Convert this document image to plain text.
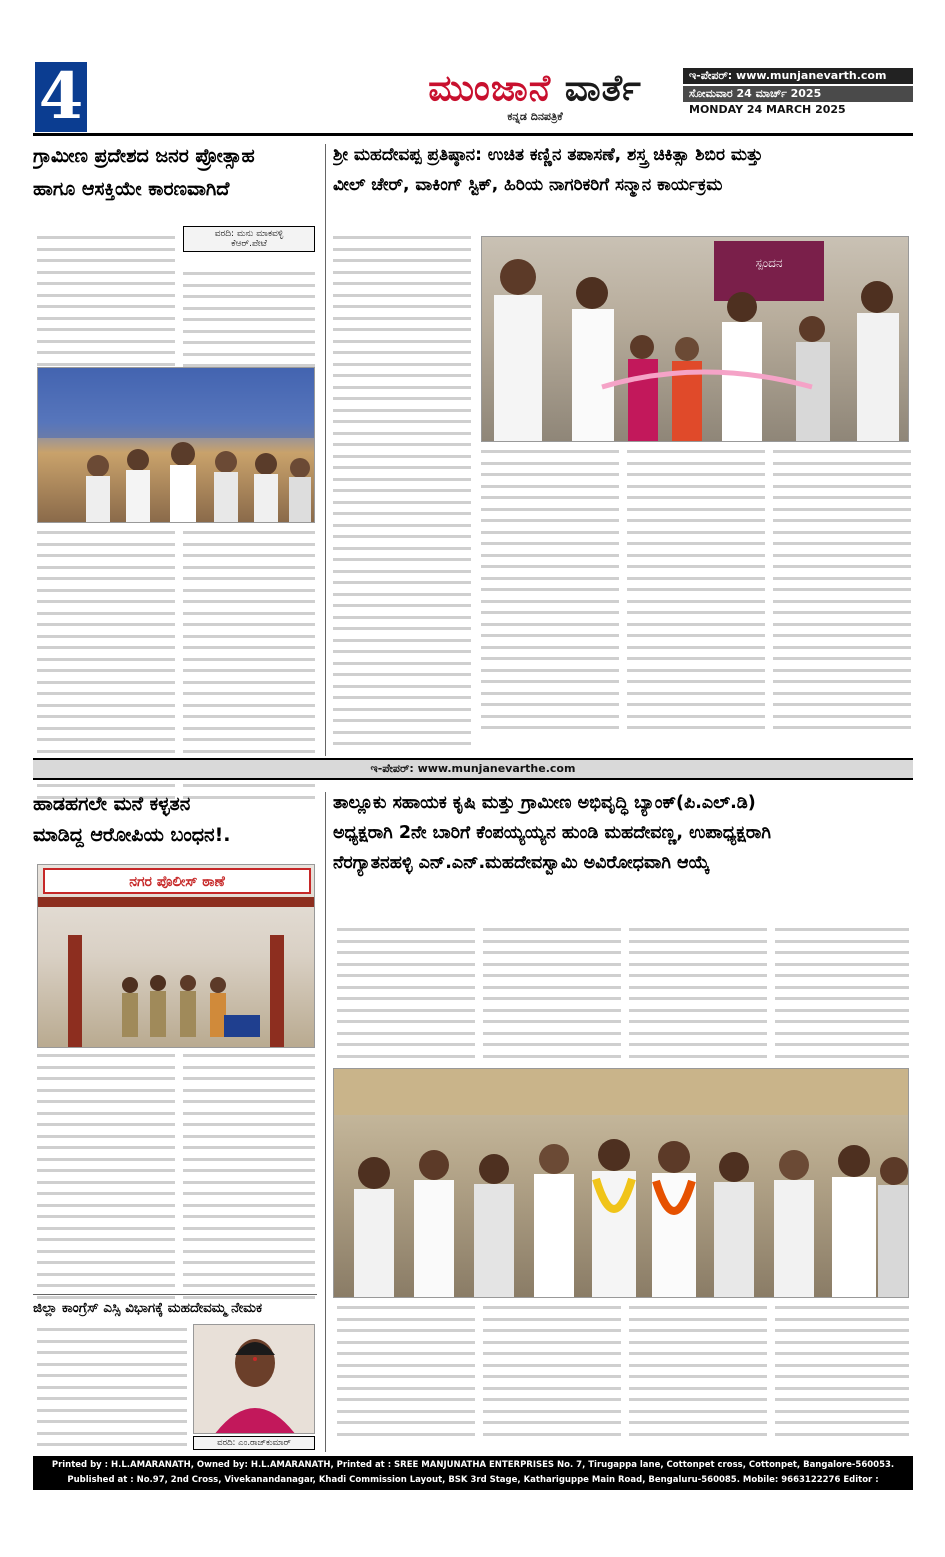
4	ಮುಂಜಾನೆ ವಾರ್ತೆ
ಕನ್ನಡ ದಿನಪತ್ರಿಕೆ
ಇ-ಪೇಪರ್: www.munjanevarth.com
ಸೋಮವಾರ 24 ಮಾರ್ಚ್ 2025
MONDAY 24 MARCH 2025
ಗ್ರಾಮೀಣ ಪ್ರದೇಶದ ಜನರ ಪ್ರೋತ್ಸಾಹ
ಹಾಗೂ ಆಸಕ್ತಿಯೇ ಕಾರಣವಾಗಿದೆ
ವರದಿ: ಮನು ಮಾಕವಳ್ಳಿ
ಕೆಆರ್.ಪೇಟೆ
ಶ್ರೀ ಮಹದೇವಪ್ಪ ಪ್ರತಿಷ್ಠಾನ: ಉಚಿತ ಕಣ್ಣಿನ ತಪಾಸಣೆ, ಶಸ್ತ್ರ ಚಿಕಿತ್ಸಾ ಶಿಬಿರ ಮತ್ತು
ವೀಲ್ ಚೇರ್, ವಾಕಿಂಗ್ ಸ್ಟಿಕ್, ಹಿರಿಯ ನಾಗರಿಕರಿಗೆ ಸನ್ಮಾನ ಕಾರ್ಯಕ್ರಮ
ಸ್ಪಂದನ
ಇ-ಪೇಪರ್: www.munjanevarthe.com
ಹಾಡಹಗಲೇ ಮನೆ ಕಳ್ಳತನ
ಮಾಡಿದ್ದ ಆರೋಪಿಯ ಬಂಧನ!.
ನಗರ ಪೊಲೀಸ್ ಠಾಣೆ
ಜಿಲ್ಲಾ ಕಾಂಗ್ರೆಸ್ ಎಸ್ಸಿ ವಿಭಾಗಕ್ಕೆ ಮಹದೇವಮ್ಮ ನೇಮಕ
ವರದಿ: ಎಂ.ರಾಜ್‌ಕುಮಾರ್
ತಾಲ್ಲೂಕು ಸಹಾಯಕ ಕೃಷಿ ಮತ್ತು ಗ್ರಾಮೀಣ ಅಭಿವೃದ್ಧಿ ಬ್ಯಾಂಕ್(ಪಿ.ಎಲ್.ಡಿ)
ಅಧ್ಯಕ್ಷರಾಗಿ 2ನೇ ಬಾರಿಗೆ ಕೆಂಪಯ್ಯಯ್ಯನ ಹುಂಡಿ ಮಹದೇವಣ್ಣ, ಉಪಾಧ್ಯಕ್ಷರಾಗಿ
ನೆರಗ್ಯಾತನಹಳ್ಳಿ ಎನ್.ಎನ್.ಮಹದೇವಸ್ವಾಮಿ ಅವಿರೋಧವಾಗಿ ಆಯ್ಕೆ
Printed by : H.L.AMARANATH, Owned by: H.L.AMARANATH, Printed at : SREE MANJUNATHA ENTERPRISES No. 7, Tirugappa lane, Cottonpet cross, Cottonpet, Bangalore-560053.
Published at : No.97, 2nd Cross, Vivekanandanagar, Khadi Commission Layout, BSK 3rd Stage, Kathariguppe Main Road, Bengaluru-560085. Mobile: 9663122276 Editor : H.L.AMARANATH
